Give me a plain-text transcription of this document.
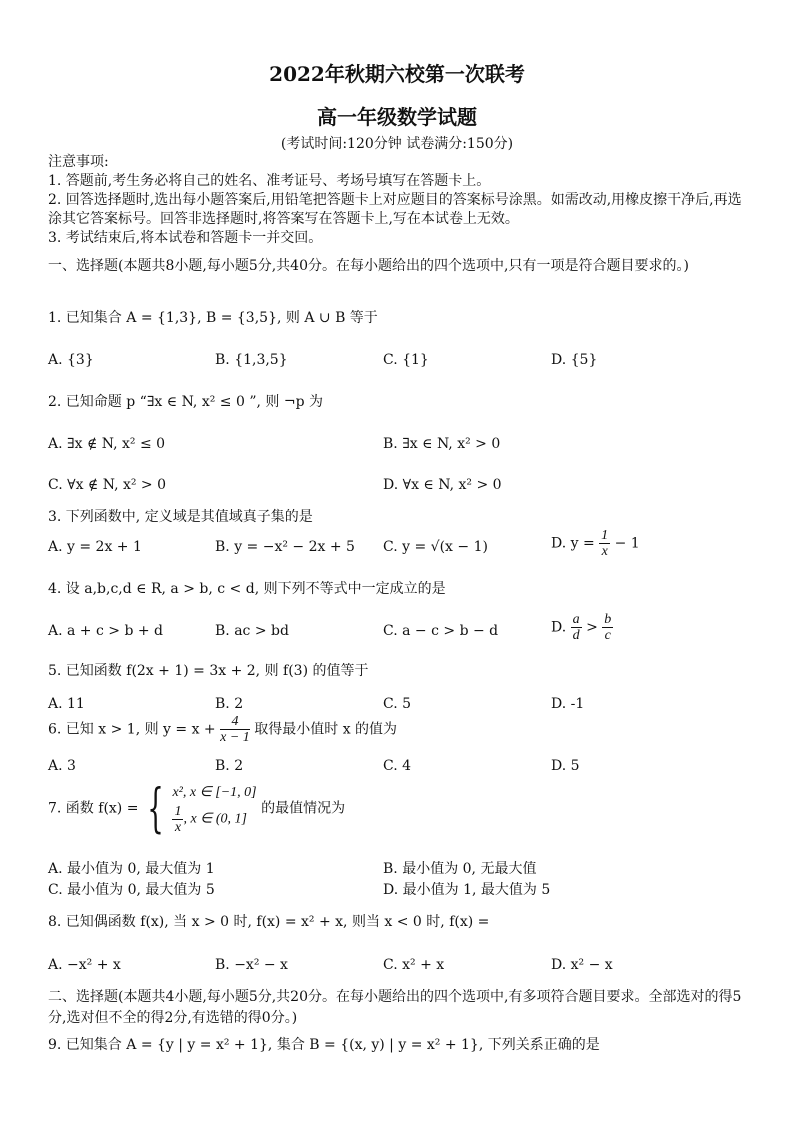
2022年秋期六校第一次联考
高一年级数学试题
(考试时间:120分钟 试卷满分:150分)
注意事项:
1. 答题前,考生务必将自己的姓名、准考证号、考场号填写在答题卡上。
2. 回答选择题时,选出每小题答案后,用铅笔把答题卡上对应题目的答案标号涂黑。如需改动,用橡皮擦干净后,再选涂其它答案标号。回答非选择题时,将答案写在答题卡上,写在本试卷上无效。
3. 考试结束后,将本试卷和答题卡一并交回。
一、选择题(本题共8小题,每小题5分,共40分。在每小题给出的四个选项中,只有一项是符合题目要求的。)
1. 已知集合 A = {1,3}, B = {3,5}, 则 A ∪ B 等于
A. {3}	B. {1,3,5}	C. {1}	D. {5}
2. 已知命题 p “∃x ∈ N, x² ≤ 0 ”, 则 ¬p 为
A. ∃x ∉ N, x² ≤ 0	B. ∃x ∈ N, x² > 0
C. ∀x ∉ N, x² > 0	D. ∀x ∈ N, x² > 0
3. 下列函数中, 定义域是其值域真子集的是
A. y = 2x + 1	B. y = −x² − 2x + 5 C. y = √(x − 1)	D. $y = \frac{1}{x} - 1$
4. 设 a,b,c,d ∈ R, a > b, c < d, 则下列不等式中一定成立的是
A. a + c > b + d	B. ac > bd	C. a − c > b − d	D. $\frac{a}{d} > \frac{b}{c}$
5. 已知函数 f(2x + 1) = 3x + 2, 则 f(3) 的值等于
A. 11	B. 2	C. 5	D. -1
6. 已知 x > 1, 则 $y = x + \frac{4}{x - 1}$ 取得最小值时 x 的值为
A. 3	B. 2	C. 4	D. 5
7. 函数 f(x) = { x², x ∈ [−1, 0]
$\frac{1}{x}$ , x ∈ (0, 1]
的最值情况为
A. 最小值为 0, 最大值为 1	B. 最小值为 0, 无最大值
C. 最小值为 0, 最大值为 5	D. 最小值为 1, 最大值为 5
8. 已知偶函数 f(x), 当 x > 0 时, f(x) = x² + x, 则当 x < 0 时, f(x) =
A. −x² + x	B. −x² − x	C. x² + x	D. x² − x
二、选择题(本题共4小题,每小题5分,共20分。在每小题给出的四个选项中,有多项符合题目要求。全部选对的得5分,选对但不全的得2分,有选错的得0分。)
9. 已知集合 A = {y | y = x² + 1}, 集合 B = {(x, y) | y = x² + 1}, 下列关系正确的是
